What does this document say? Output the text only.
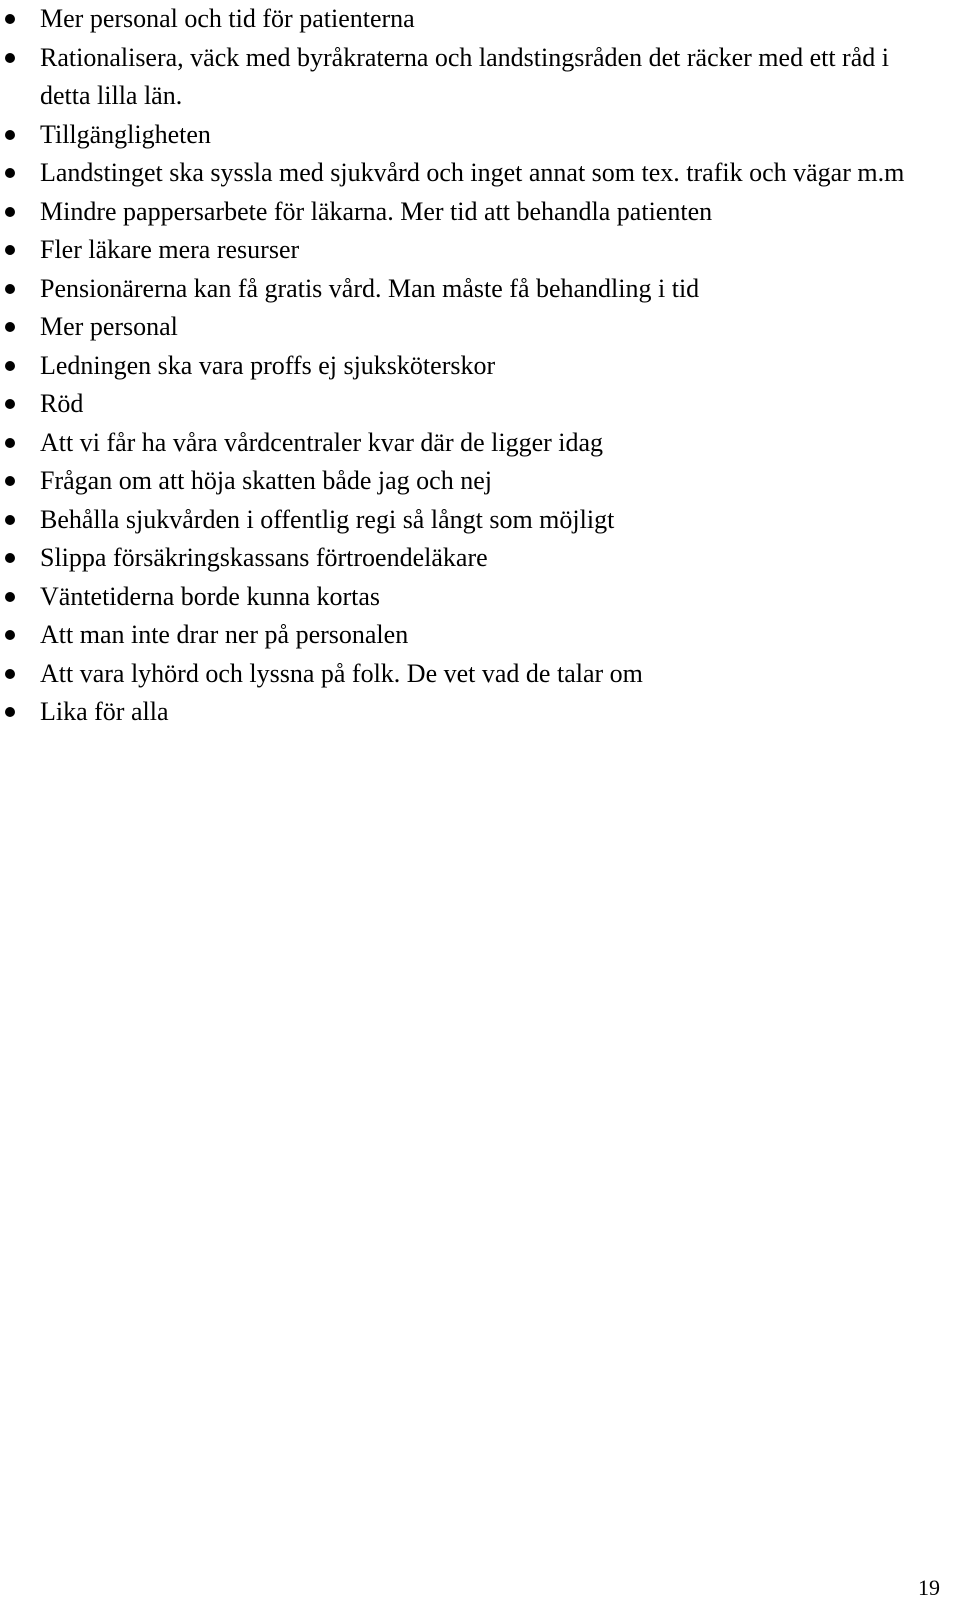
Mer personal och tid för patienterna
Rationalisera, väck med byråkraterna och landstingsråden det räcker med ett råd i detta lilla län.
Tillgängligheten
Landstinget ska syssla med sjukvård och inget annat som tex. trafik och vägar m.m
Mindre pappersarbete för läkarna. Mer tid att behandla patienten
Fler läkare mera resurser
Pensionärerna kan få gratis vård. Man måste få behandling i tid
Mer personal
Ledningen ska vara proffs ej sjuksköterskor
Röd
Att vi får ha våra vårdcentraler kvar där de ligger idag
Frågan om att höja skatten både jag och nej
Behålla sjukvården i offentlig regi så långt som möjligt
Slippa försäkringskassans förtroendeläkare
Väntetiderna borde kunna kortas
Att man inte drar ner på personalen
Att vara lyhörd och lyssna på folk. De vet vad de talar om
Lika för alla
19
